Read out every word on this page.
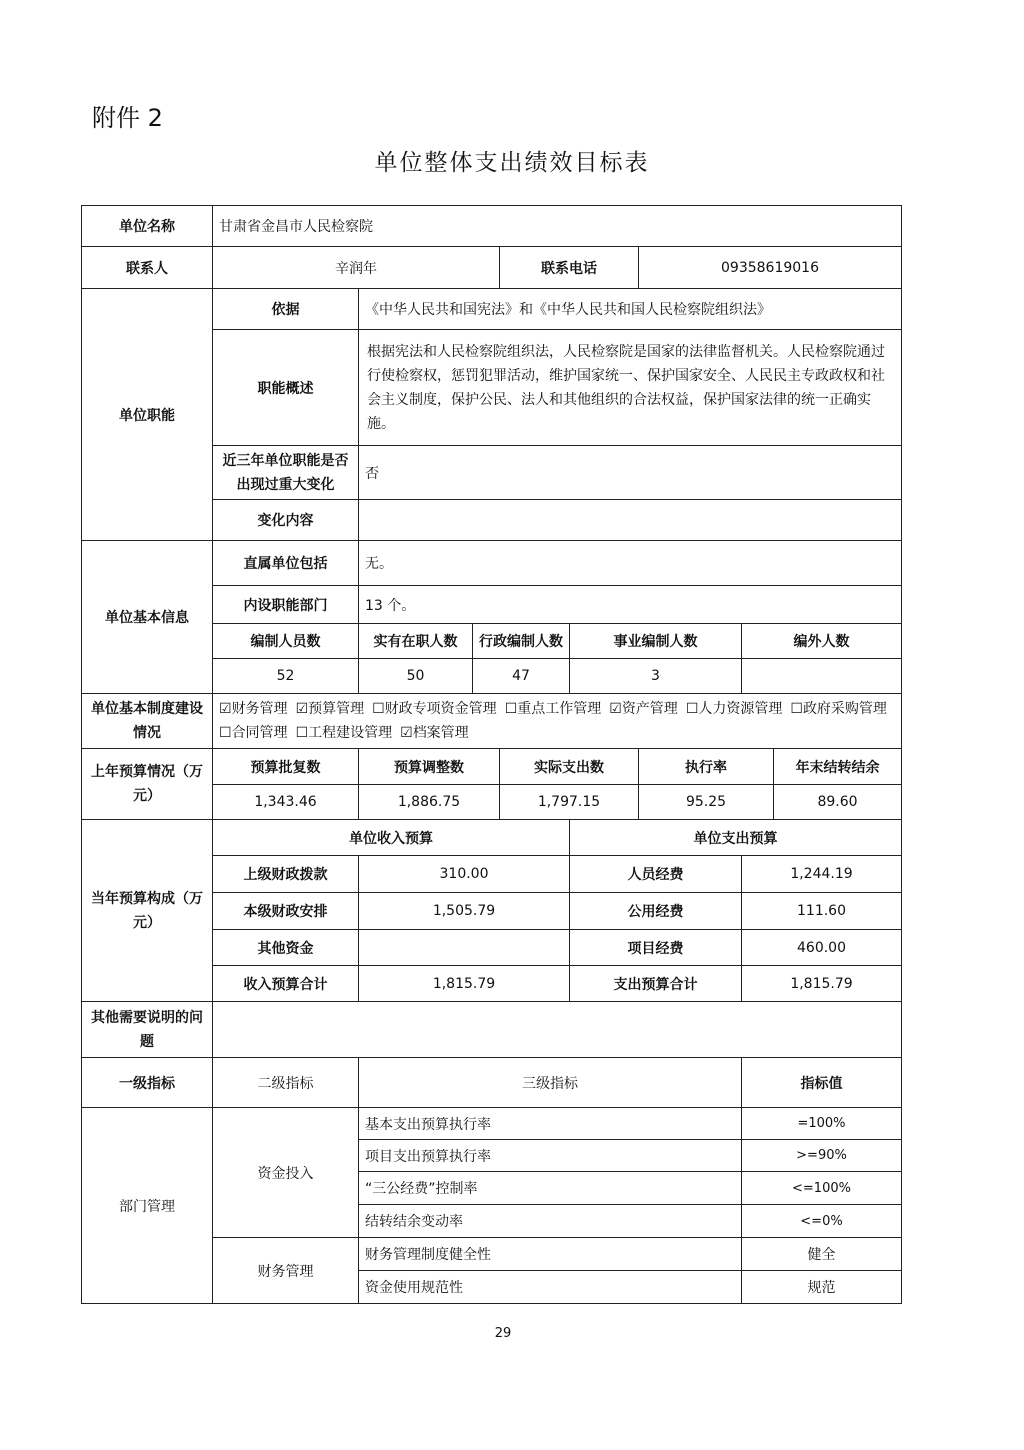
附件 2
单位整体支出绩效目标表
单位名称	甘肃省金昌市人民检察院							
联系人	辛润年			联系电话		09358619016		
单位职能	依据	《中华人民共和国宪法》和《中华人民共和国人民检察院组织法》						
	职能概述	根据宪法和人民检察院组织法，人民检察院是国家的法律监督机关。人民检察院通过行使检察权，惩罚犯罪活动，维护国家统一、保护国家安全、人民民主专政政权和社会主义制度，保护公民、法人和其他组织的合法权益，保护国家法律的统一正确实施。						
	近三年单位职能是否出现过重大变化	否						
	变化内容							
单位基本信息	直属单位包括	无。						
	内设职能部门	13 个。						
	编制人员数	实有在职人数	行政编制人数		事业编制人数		编外人数	
	52	50	47		3			
单位基本制度建设情况	☑财务管理 ☑预算管理 ☐财政专项资金管理 ☐重点工作管理 ☑资产管理 ☐人力资源管理 ☐政府采购管理☐合同管理 ☐工程建设管理 ☑档案管理							
上年预算情况（万元）	预算批复数	预算调整数		实际支出数		执行率		年末结转结余
	1,343.46	1,886.75		1,797.15		95.25		89.60
当年预算构成（万元）	单位收入预算				单位支出预算			
	上级财政拨款	310.00			人员经费		1,244.19	
	本级财政安排	1,505.79			公用经费		111.60	
	其他资金				项目经费		460.00	
	收入预算合计	1,815.79			支出预算合计		1,815.79	
其他需要说明的问题								
一级指标	二级指标	三级指标					指标值	
部门管理	资金投入	基本支出预算执行率					=100%	
		项目支出预算执行率					>=90%	
		“三公经费”控制率					<=100%	
		结转结余变动率					<=0%	
	财务管理	财务管理制度健全性					健全	
		资金使用规范性					规范	
29
